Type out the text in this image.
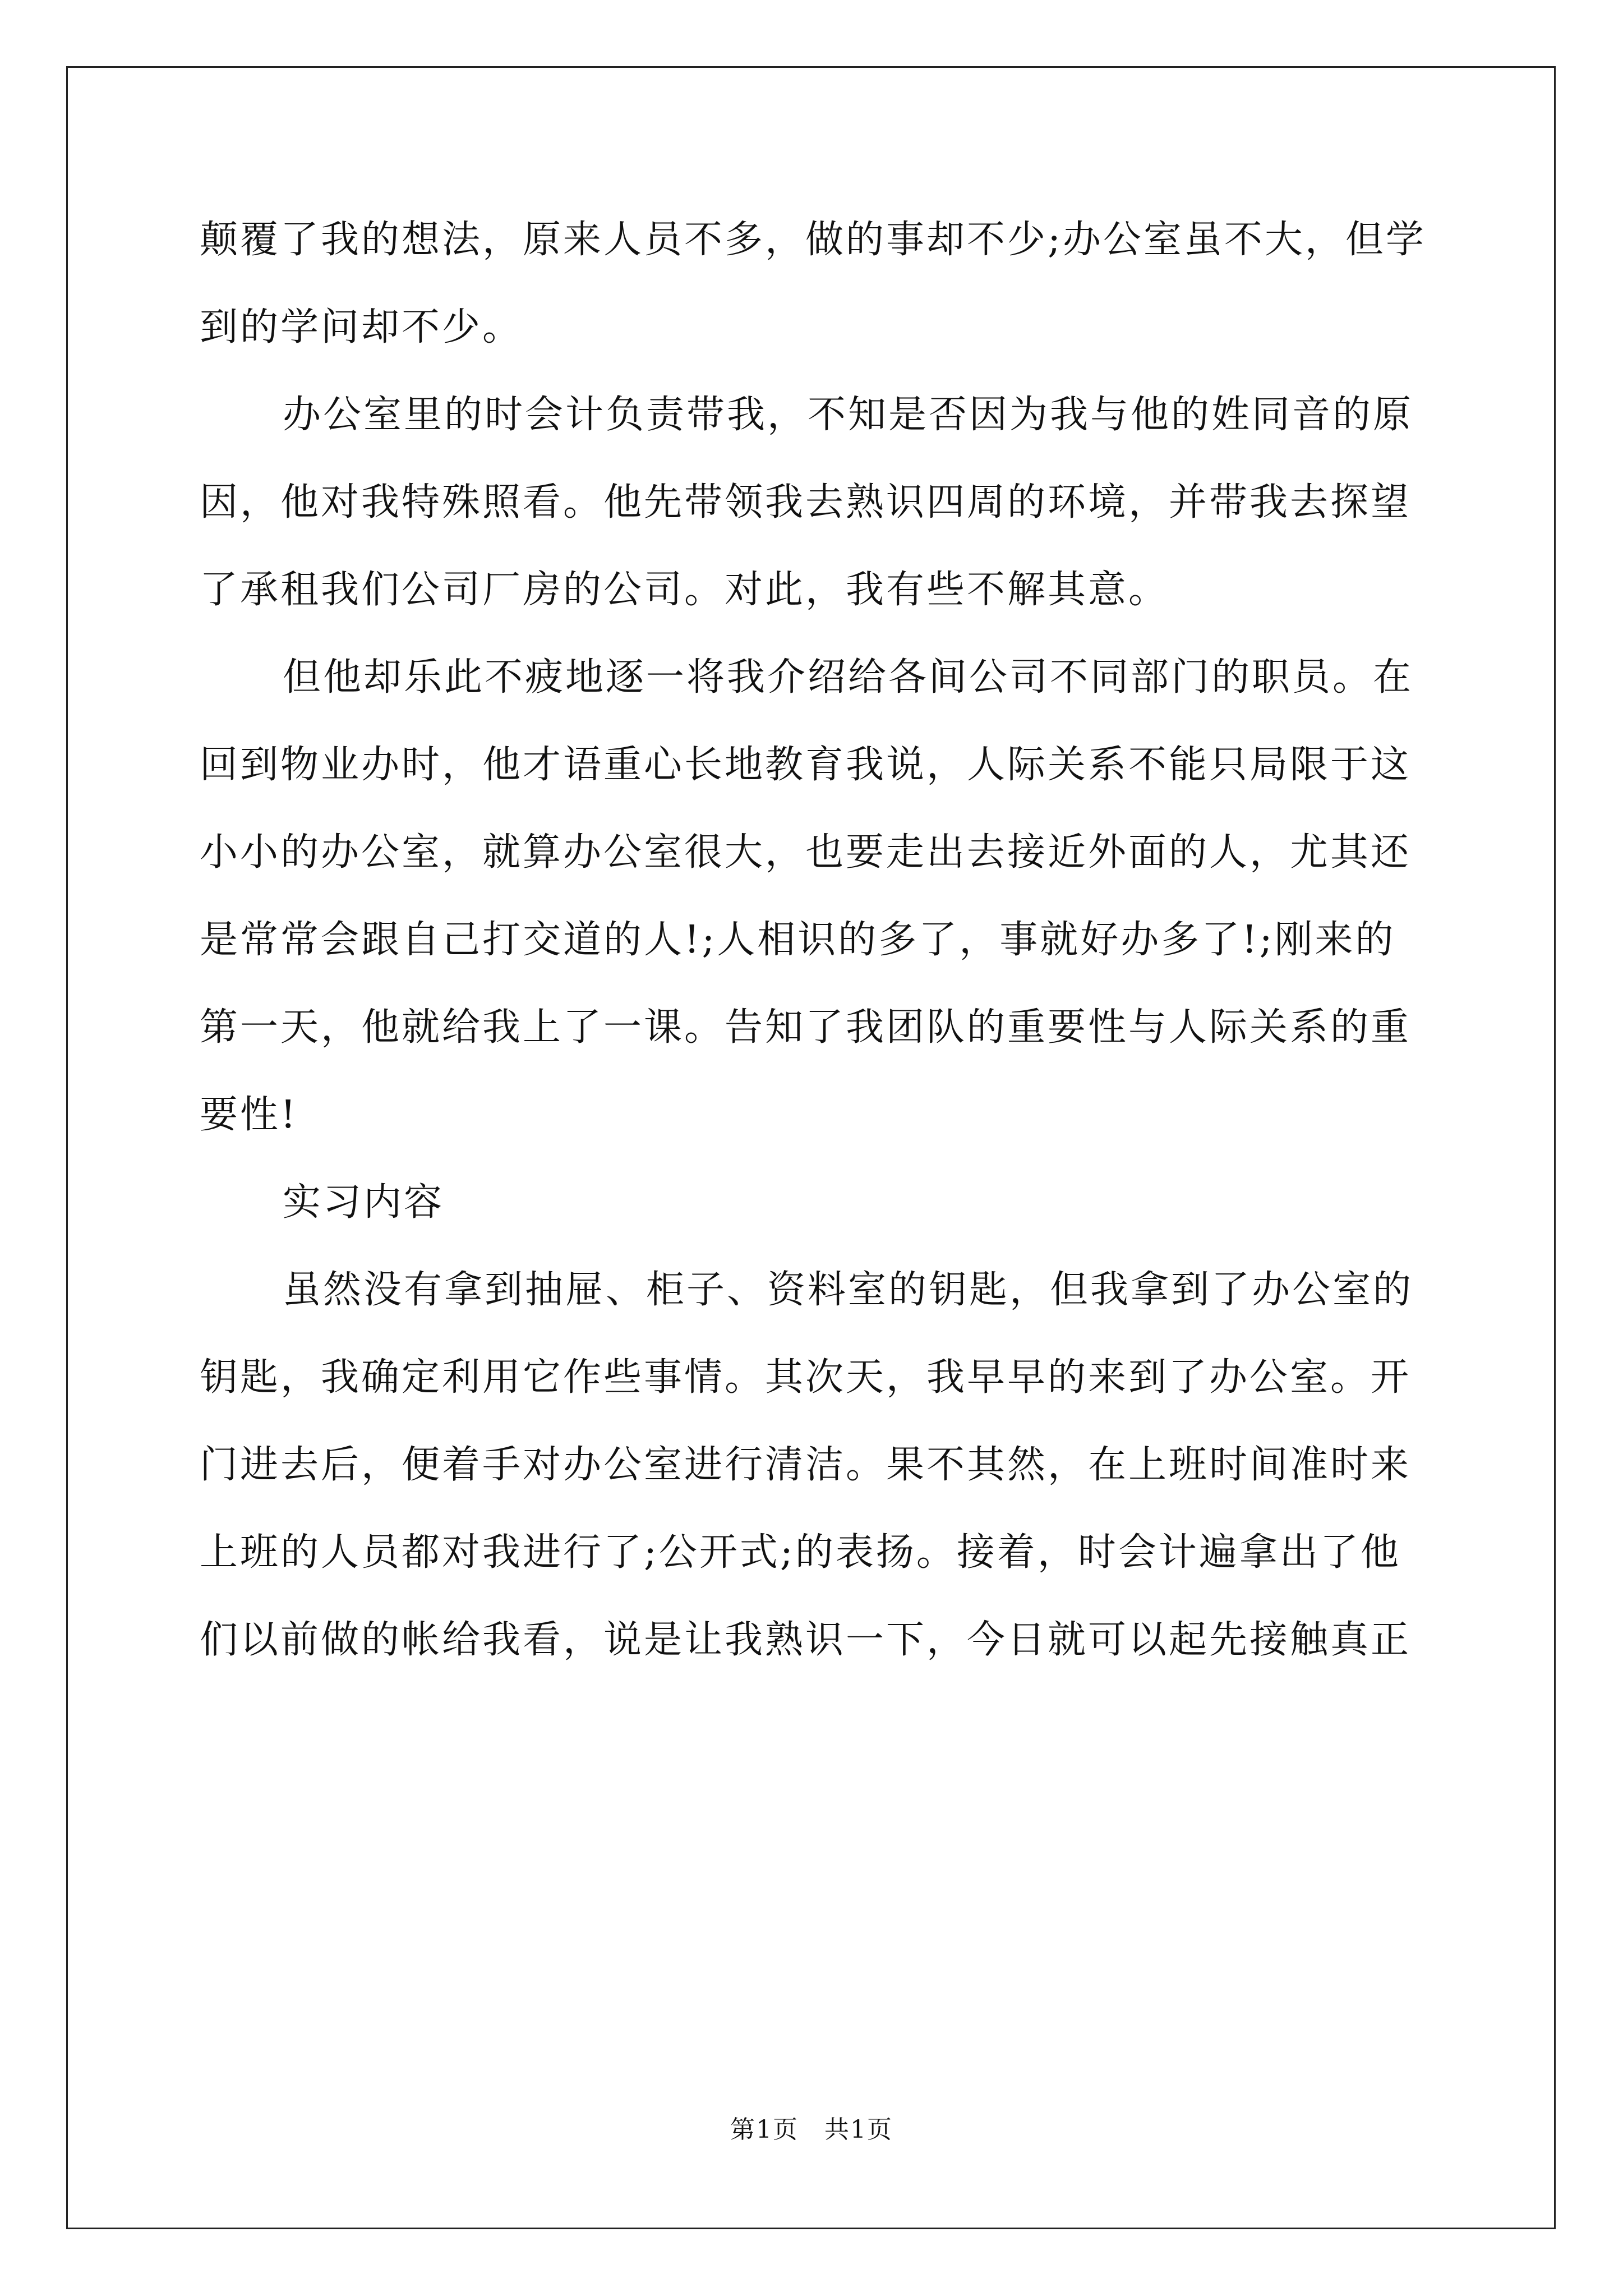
颠覆了我的想法，原来人员不多，做的事却不少;办公室虽不大，但学
到的学问却不少。
办公室里的时会计负责带我，不知是否因为我与他的姓同音的原
因，他对我特殊照看。他先带领我去熟识四周的环境，并带我去探望
了承租我们公司厂房的公司。对此，我有些不解其意。
但他却乐此不疲地逐一将我介绍给各间公司不同部门的职员。在
回到物业办时，他才语重心长地教育我说，人际关系不能只局限于这
小小的办公室，就算办公室很大，也要走出去接近外面的人，尤其还
是常常会跟自己打交道的人!;人相识的多了，事就好办多了!;刚来的
第一天，他就给我上了一课。告知了我团队的重要性与人际关系的重
要性!
实习内容
虽然没有拿到抽屉、柜子、资料室的钥匙，但我拿到了办公室的
钥匙，我确定利用它作些事情。其次天，我早早的来到了办公室。开
门进去后，便着手对办公室进行清洁。果不其然，在上班时间准时来
上班的人员都对我进行了;公开式;的表扬。接着，时会计遍拿出了他
们以前做的帐给我看，说是让我熟识一下，今日就可以起先接触真正
第1页　共1页
